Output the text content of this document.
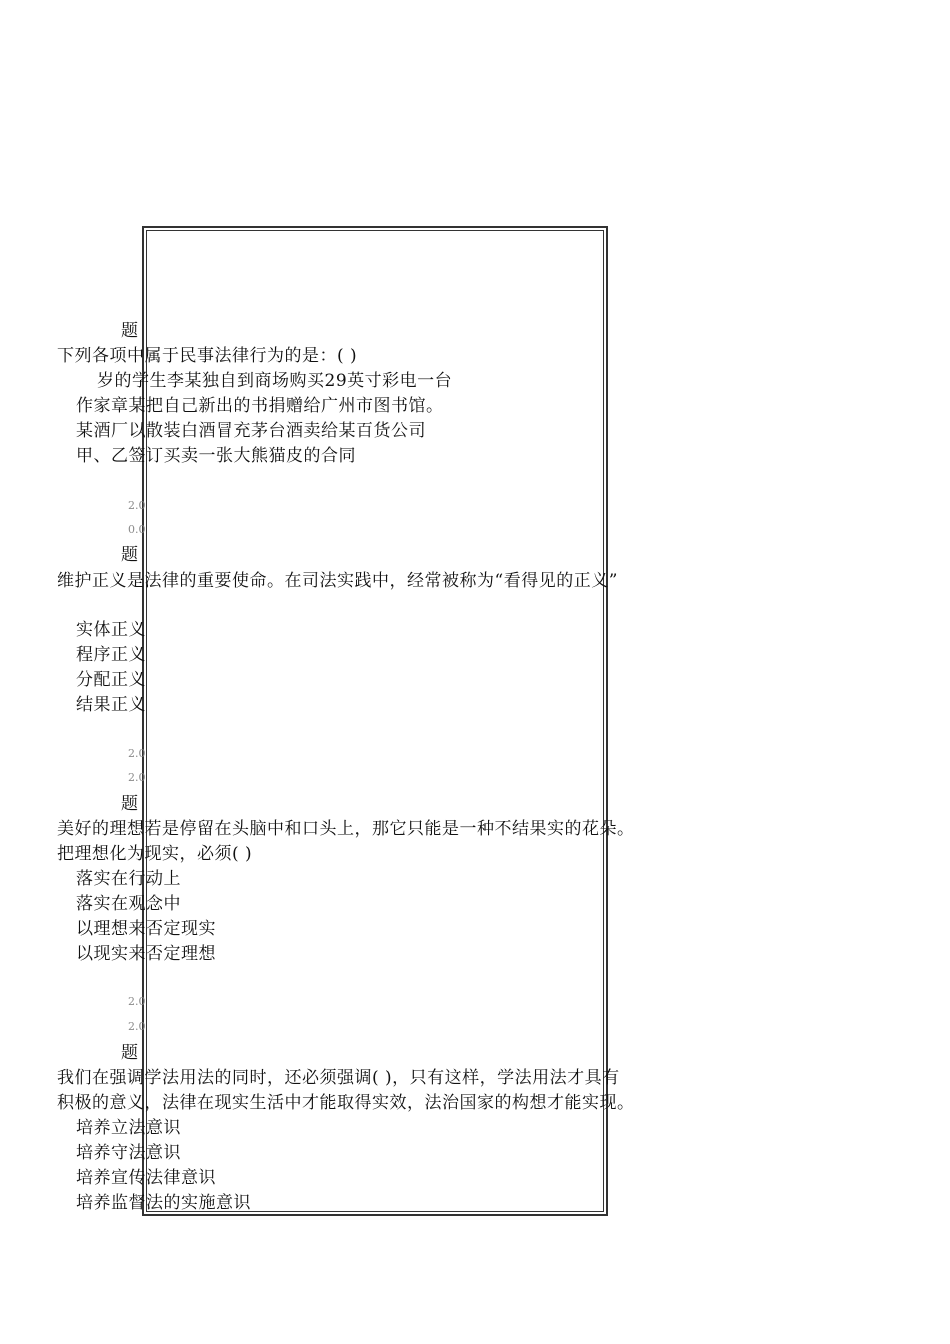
题
下列各项中属于民事法律行为的是：( )
岁的学生李某独自到商场购买29英寸彩电一台
作家章某把自己新出的书捐赠给广州市图书馆。
某酒厂以散装白酒冒充茅台酒卖给某百货公司
甲、乙签订买卖一张大熊猫皮的合同
2.0
0.0
题
维护正义是法律的重要使命。在司法实践中，经常被称为“看得见的正义”
实体正义
程序正义
分配正义
结果正义
2.0
2.0
题
美好的理想若是停留在头脑中和口头上，那它只能是一种不结果实的花朵。
把理想化为现实，必须( )
落实在行动上
落实在观念中
以理想来否定现实
以现实来否定理想
2.0
2.0
题
我们在强调学法用法的同时，还必须强调( )，只有这样，学法用法才具有
积极的意义，法律在现实生活中才能取得实效，法治国家的构想才能实现。
培养立法意识
培养守法意识
培养宣传法律意识
培养监督法的实施意识
